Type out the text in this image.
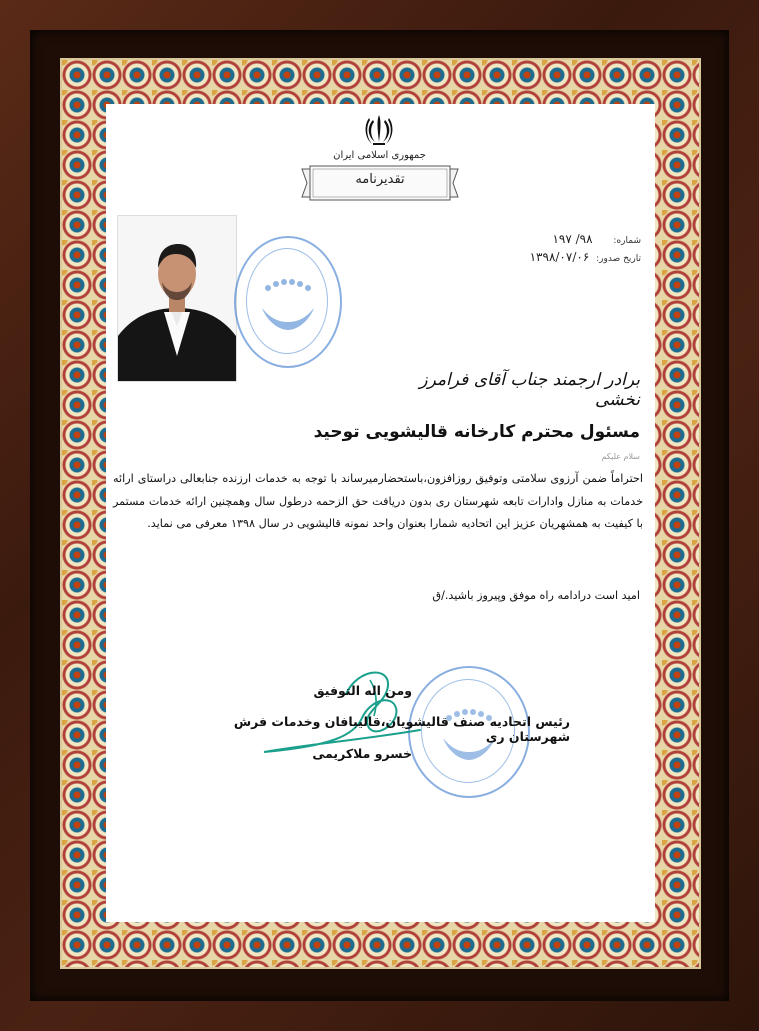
جمهوری اسلامی ایران
تقدیرنامه
شماره: ۹۸/ ۱۹۷
تاریخ صدور: ۱۳۹۸/۰۷/۰۶
برادر ارجمند جناب آقای فرامرز نخشی
مسئول محترم کارخانه قالیشویی توحید
سلام علیکم
احتراماً ضمن آرزوی سلامتی وتوفیق روزافزون،باستحضارمیرساند با توجه به خدمات ارزنده جنابعالی دراستای ارائه خدمات به منازل وادارات تابعه شهرستان ری بدون دریافت حق الزحمه درطول سال وهمچنین ارائه خدمات مستمر با کیفیت به همشهریان عزیز این اتحادیه شمارا بعنوان واحد نمونه قالیشویی در سال ۱۳۹۸ معرفی می نماید.
امید است درادامه راه موفق وپیروز باشید./ق
ومن اله التوفیق
رئیس اتحادیه صنف قالیشویان،قالیبافان وخدمات فرش شهرستان ری
خسرو ملاکریمی
